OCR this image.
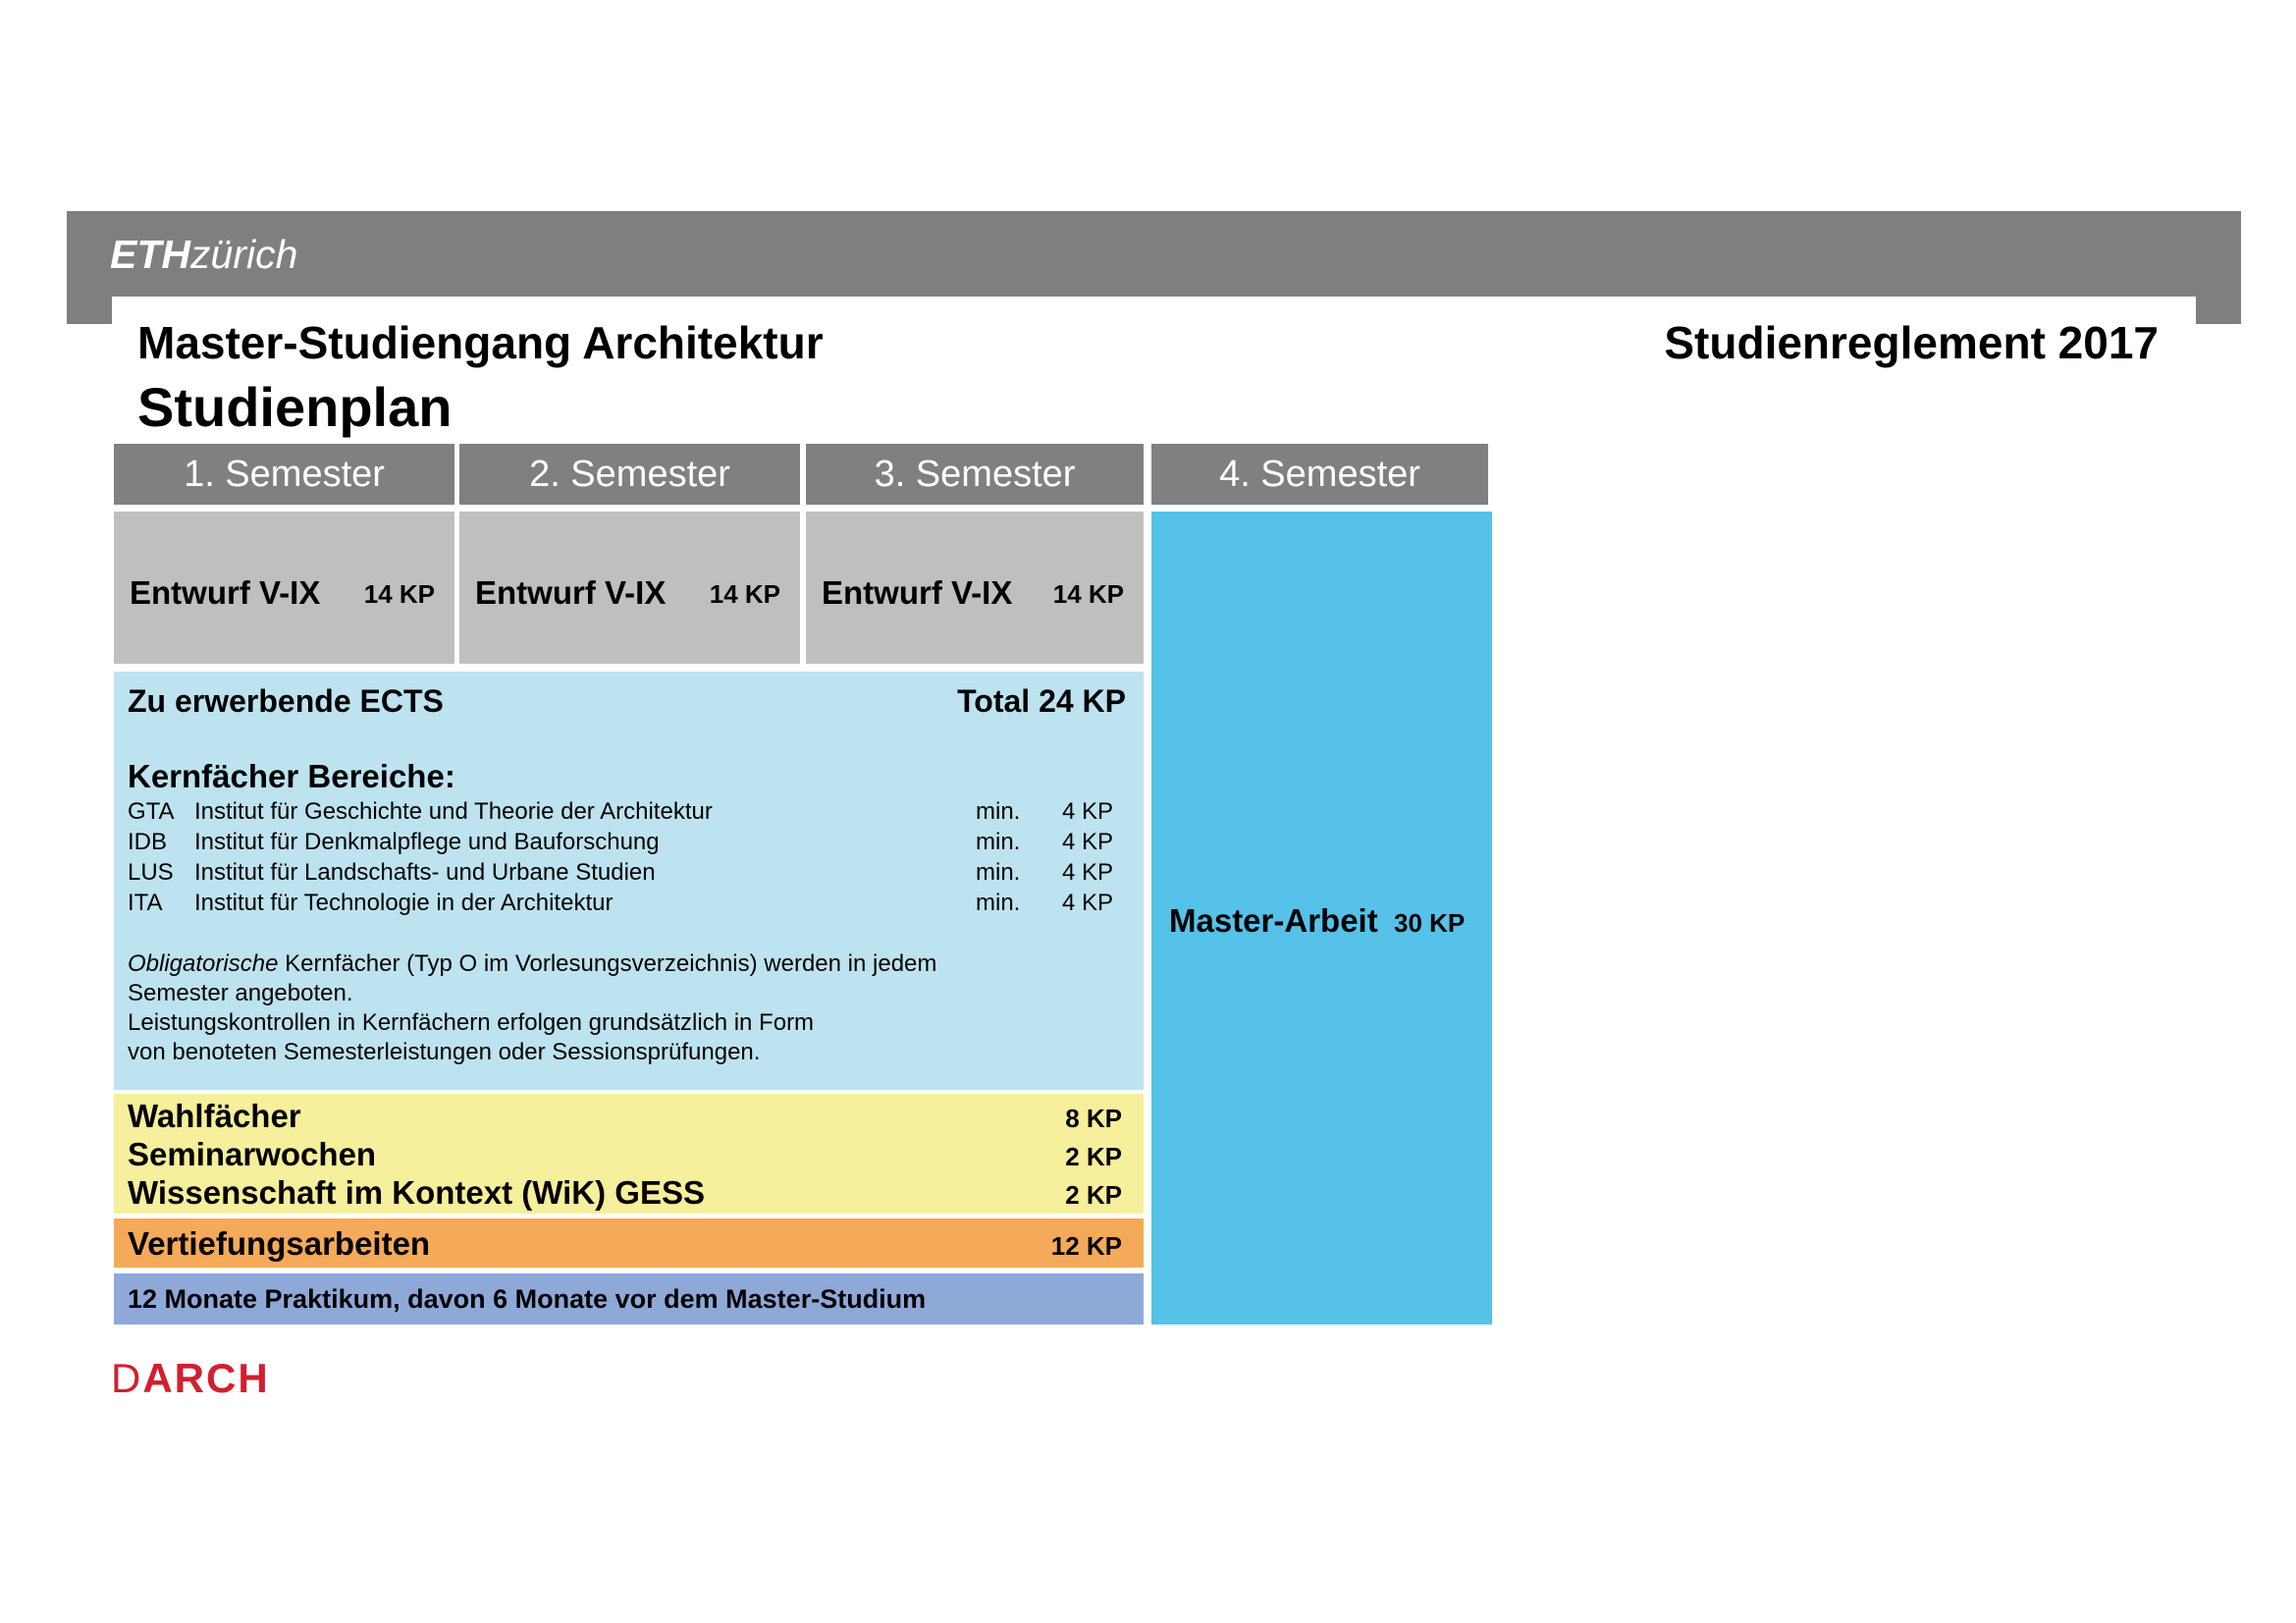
ETHzürich
Master-Studiengang Architektur
Studienplan
Studienreglement 2017
1. Semester	2. Semester	3. Semester	4. Semester
Entwurf V-IX 14 KP Entwurf V-IX 14 KP Entwurf V-IX 14 KP
Zu erwerbende ECTS	Total 24 KP
Kernfächer Bereiche:
GTA Institut für Geschichte und Theorie der Architektur	min. 4 KP
IDB Institut für Denkmalpflege und Bauforschung	min. 4 KP
LUS Institut für Landschafts- und Urbane Studien	min. 4 KP
ITA Institut für Technologie in der Architektur	min. 4 KP
Obligatorische Kernfächer (Typ O im Vorlesungsverzeichnis) werden in jedem
Semester angeboten.
Leistungskontrollen in Kernfächern erfolgen grundsätzlich in Form
von benoteten Semesterleistungen oder Sessionsprüfungen.
Wahlfächer	8 KP
Seminarwochen	2 KP
Wissenschaft im Kontext (WiK) GESS	2 KP
Vertiefungsarbeiten	12 KP
12 Monate Praktikum, davon 6 Monate vor dem Master-Studium
Master-Arbeit 30 KP
DARCH
